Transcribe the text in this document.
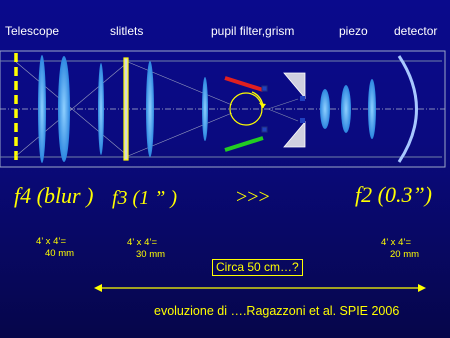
Telescope	slitlets	pupil filter,grism	piezo detector
f4 (blur ) f3 (1 ” )	>>>	f2 (0.3”)
4’ x 4’=
40 mm
4’ x 4’=
30 mm
4’ x 4’=
20 mm
Circa 50 cm…?
evoluzione di ….Ragazzoni et al. SPIE 2006
